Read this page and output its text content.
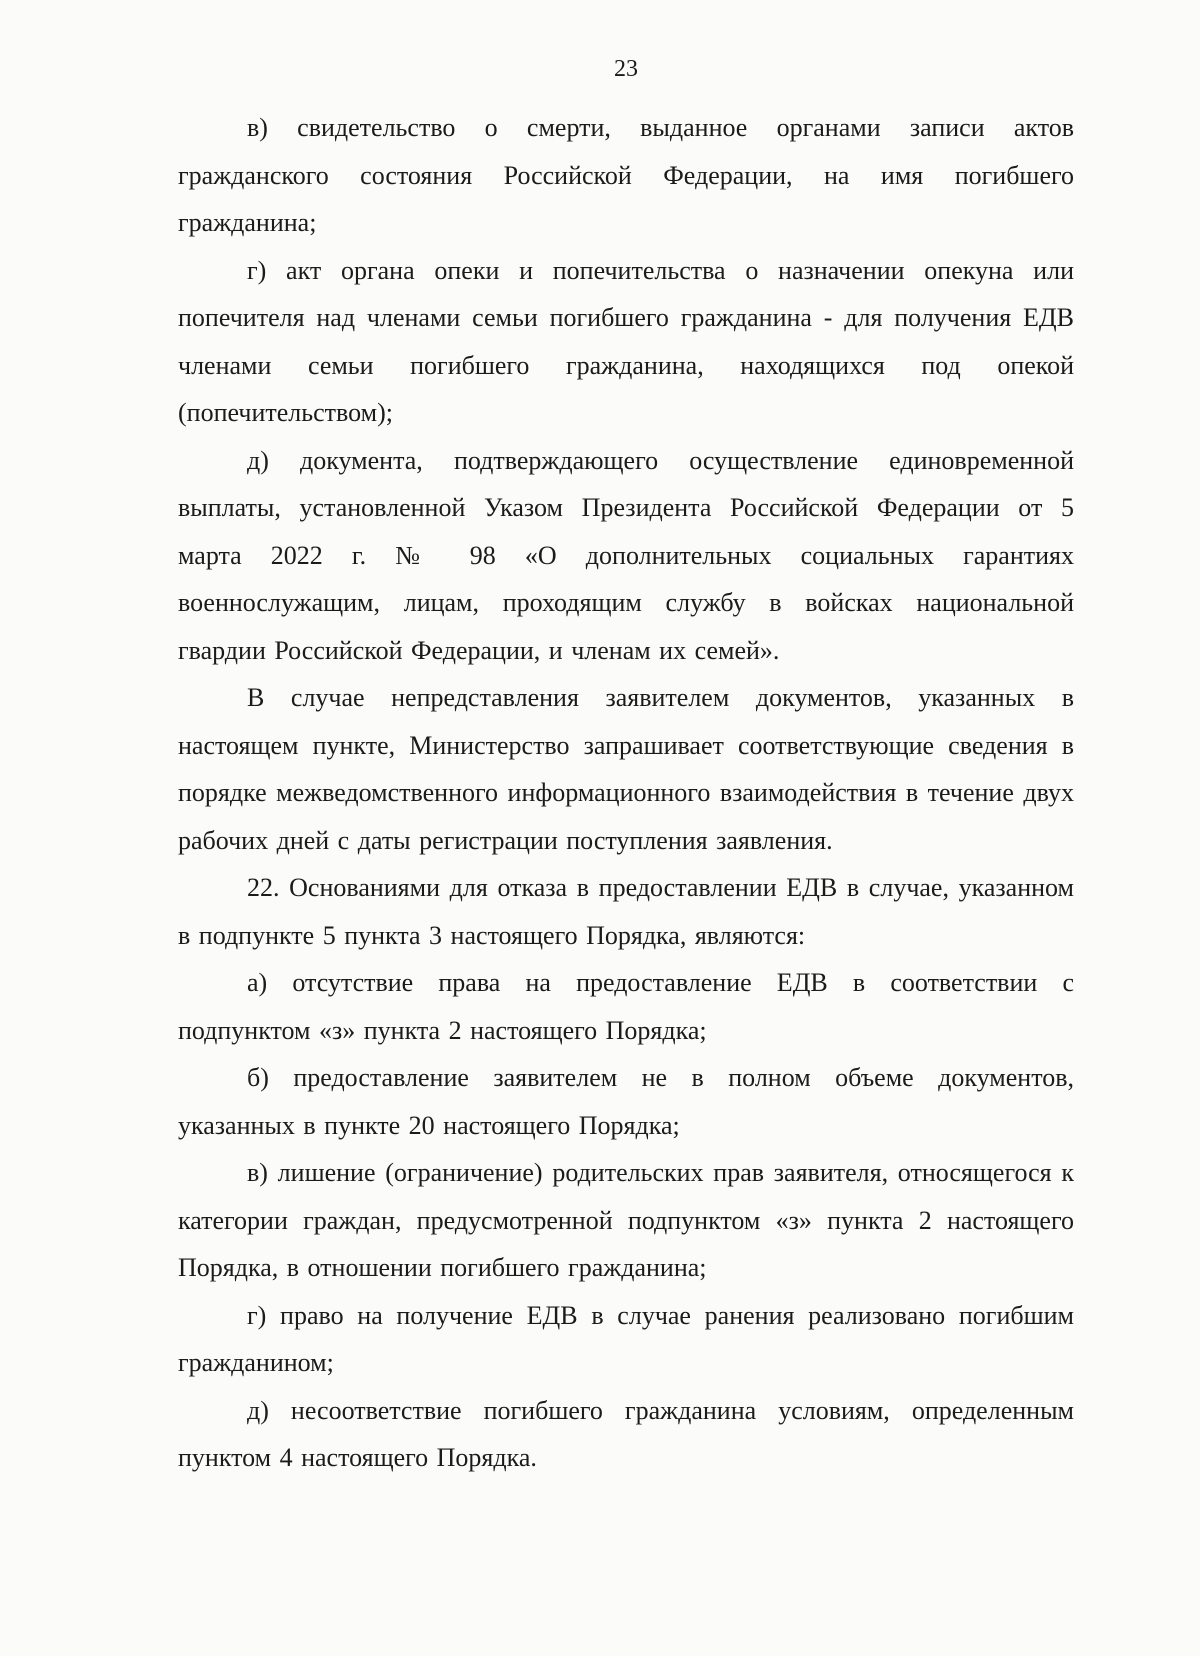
23

в) свидетельство о смерти, выданное органами записи актов гражданского состояния Российской Федерации, на имя погибшего гражданина;

г) акт органа опеки и попечительства о назначении опекуна или попечителя над членами семьи погибшего гражданина - для получения ЕДВ членами семьи погибшего гражданина, находящихся под опекой (попечительством);

д) документа, подтверждающего осуществление единовременной выплаты, установленной Указом Президента Российской Федерации от 5 марта 2022 г. № 98 «О дополнительных социальных гарантиях военнослужащим, лицам, проходящим службу в войсках национальной гвардии Российской Федерации, и членам их семей».

В случае непредставления заявителем документов, указанных в настоящем пункте, Министерство запрашивает соответствующие сведения в порядке межведомственного информационного взаимодействия в течение двух рабочих дней с даты регистрации поступления заявления.

22. Основаниями для отказа в предоставлении ЕДВ в случае, указанном в подпункте 5 пункта 3 настоящего Порядка, являются:

а) отсутствие права на предоставление ЕДВ в соответствии с подпунктом «з» пункта 2 настоящего Порядка;

б) предоставление заявителем не в полном объеме документов, указанных в пункте 20 настоящего Порядка;

в) лишение (ограничение) родительских прав заявителя, относящегося к категории граждан, предусмотренной подпунктом «з» пункта 2 настоящего Порядка, в отношении погибшего гражданина;

г) право на получение ЕДВ в случае ранения реализовано погибшим гражданином;

д) несоответствие погибшего гражданина условиям, определенным пунктом 4 настоящего Порядка.
